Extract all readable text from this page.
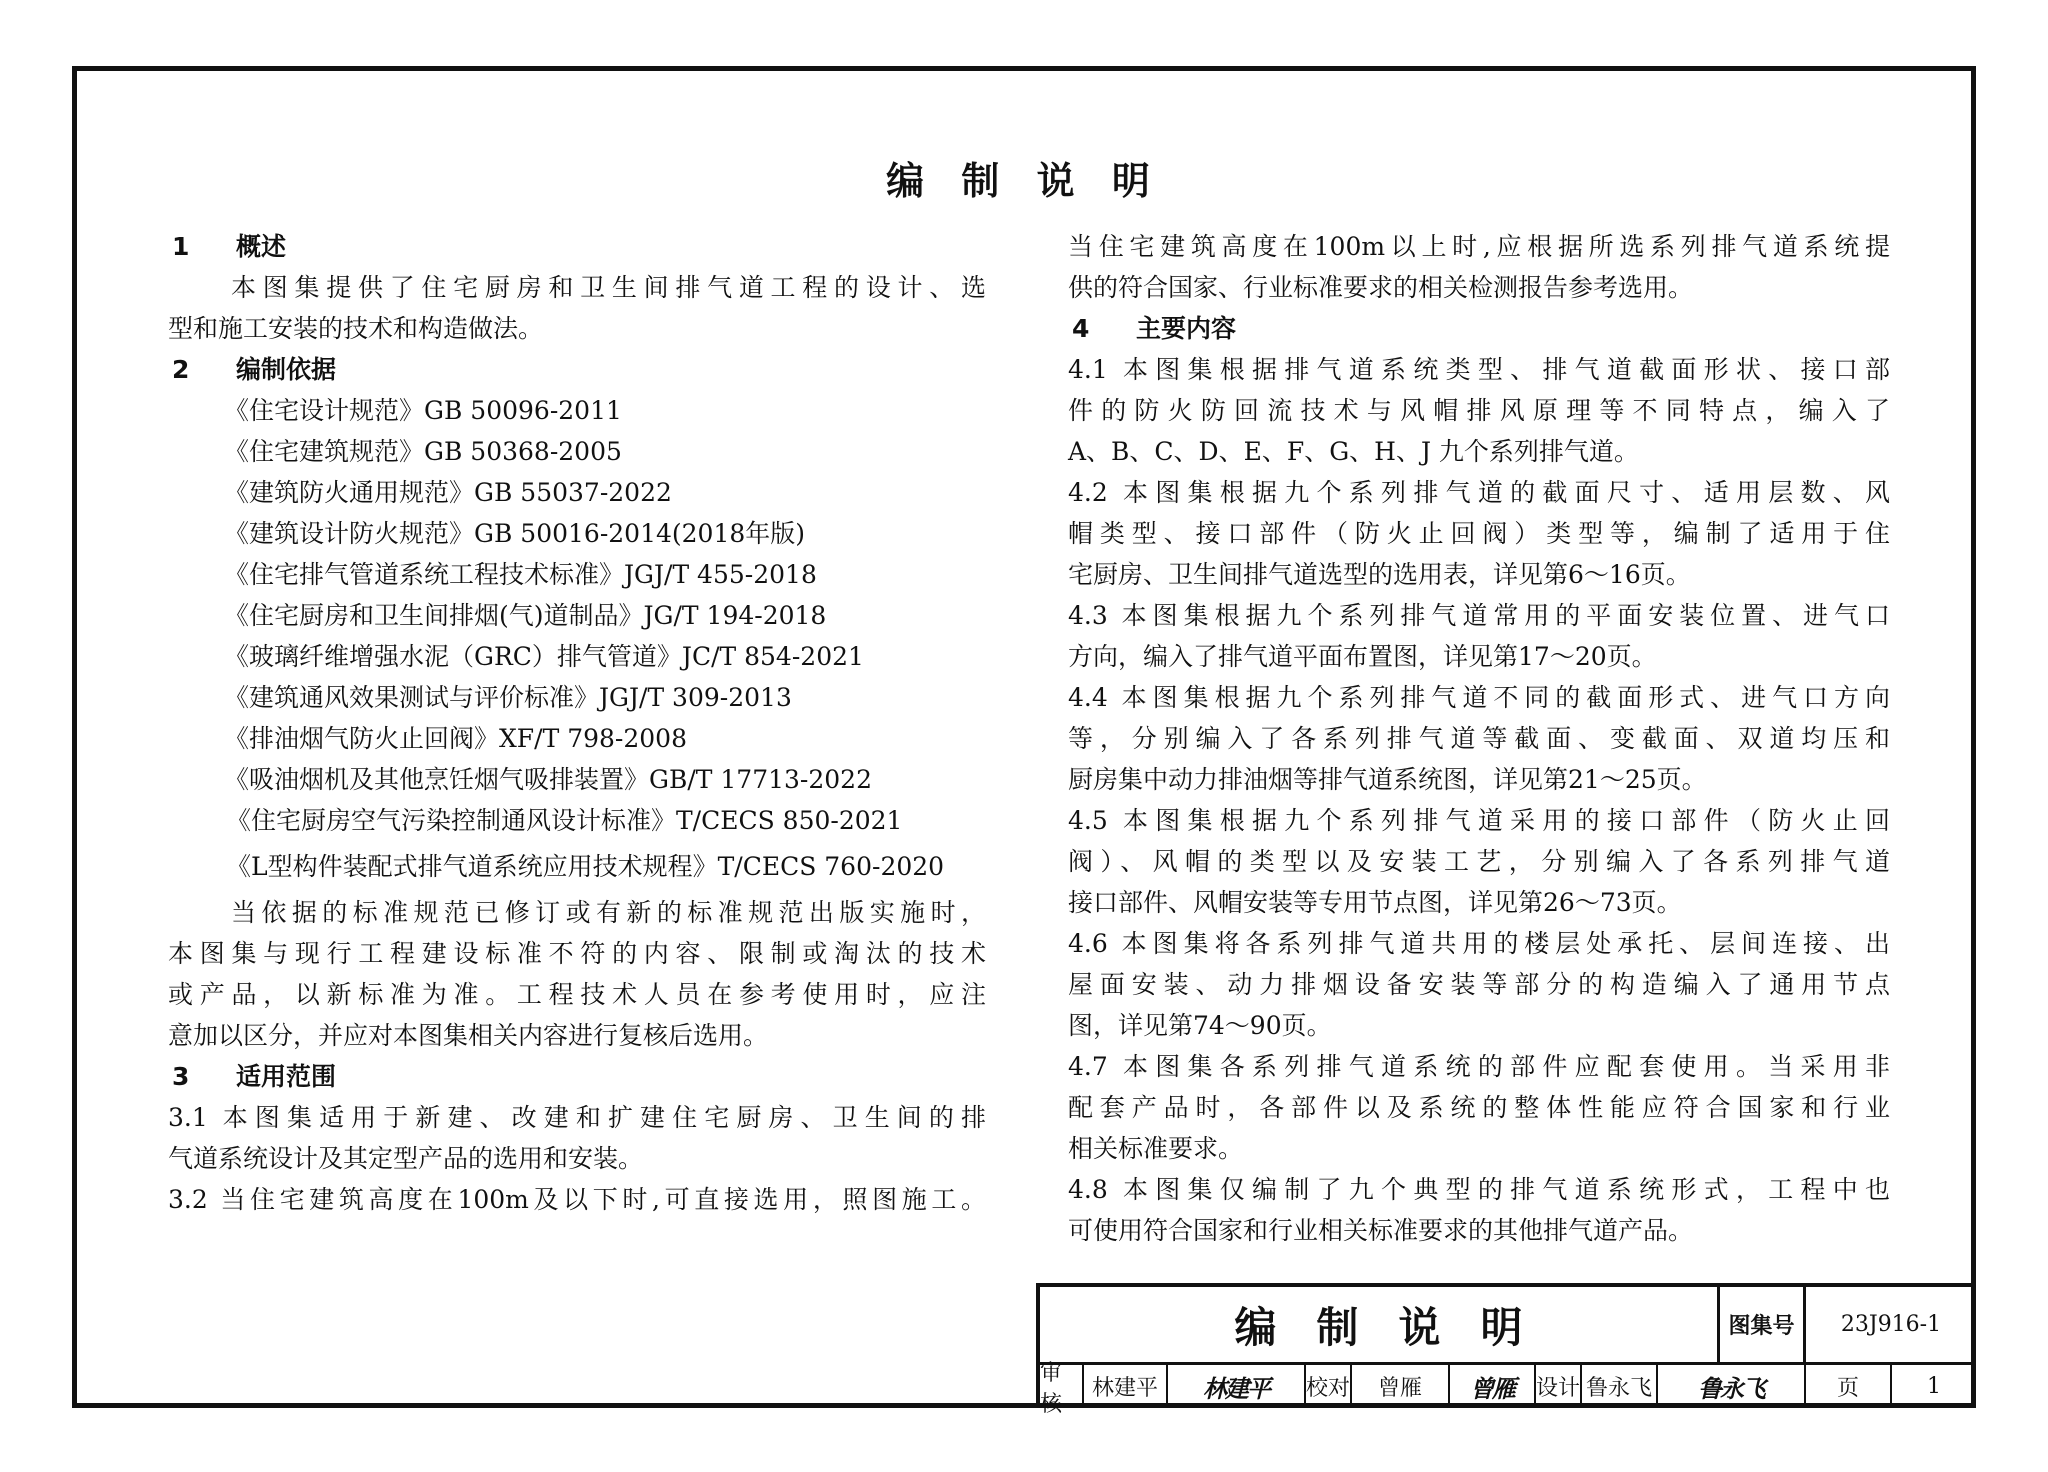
编 制 说 明
1 概述
本图集提供了住宅厨房和卫生间排气道工程的设计、选
型和施工安装的技术和构造做法。
2 编制依据
《住宅设计规范》GB 50096-2011
《住宅建筑规范》GB 50368-2005
《建筑防火通用规范》GB 55037-2022
《建筑设计防火规范》GB 50016-2014(2018年版)
《住宅排气管道系统工程技术标准》JGJ/T 455-2018
《住宅厨房和卫生间排烟(气)道制品》JG/T 194-2018
《玻璃纤维增强水泥（GRC）排气管道》JC/T 854-2021
《建筑通风效果测试与评价标准》JGJ/T 309-2013
《排油烟气防火止回阀》XF/T 798-2008
《吸油烟机及其他烹饪烟气吸排装置》GB/T 17713-2022
《住宅厨房空气污染控制通风设计标准》T/CECS 850-2021
《L型构件装配式排气道系统应用技术规程》T/CECS 760-2020
当依据的标准规范已修订或有新的标准规范出版实施时，
本图集与现行工程建设标准不符的内容、限制或淘汰的技术
或产品，以新标准为准。工程技术人员在参考使用时，应注
意加以区分，并应对本图集相关内容进行复核后选用。
3 适用范围
3.1 本图集适用于新建、改建和扩建住宅厨房、卫生间的排
气道系统设计及其定型产品的选用和安装。
3.2 当住宅建筑高度在100m及以下时,可直接选用，照图施工。
当住宅建筑高度在100m以上时,应根据所选系列排气道系统提
供的符合国家、行业标准要求的相关检测报告参考选用。
4 主要内容
4.1 本图集根据排气道系统类型、排气道截面形状、接口部
件的防火防回流技术与风帽排风原理等不同特点，编入了
A、B、C、D、E、F、G、H、J 九个系列排气道。
4.2 本图集根据九个系列排气道的截面尺寸、适用层数、风
帽类型、接口部件（防火止回阀）类型等，编制了适用于住
宅厨房、卫生间排气道选型的选用表，详见第6～16页。
4.3 本图集根据九个系列排气道常用的平面安装位置、进气口
方向，编入了排气道平面布置图，详见第17～20页。
4.4 本图集根据九个系列排气道不同的截面形式、进气口方向
等，分别编入了各系列排气道等截面、变截面、双道均压和
厨房集中动力排油烟等排气道系统图，详见第21～25页。
4.5 本图集根据九个系列排气道采用的接口部件（防火止回
阀）、风帽的类型以及安装工艺，分别编入了各系列排气道
接口部件、风帽安装等专用节点图，详见第26～73页。
4.6 本图集将各系列排气道共用的楼层处承托、层间连接、出
屋面安装、动力排烟设备安装等部分的构造编入了通用节点
图，详见第74～90页。
4.7 本图集各系列排气道系统的部件应配套使用。当采用非
配套产品时，各部件以及系统的整体性能应符合国家和行业
相关标准要求。
4.8 本图集仅编制了九个典型的排气道系统形式，工程中也
可使用符合国家和行业相关标准要求的其他排气道产品。
编制说明	图集号	23J916-1
审核
林建平	林建平	校对	曾雁	曾雁	设计 鲁永飞	鲁永飞	页	1
